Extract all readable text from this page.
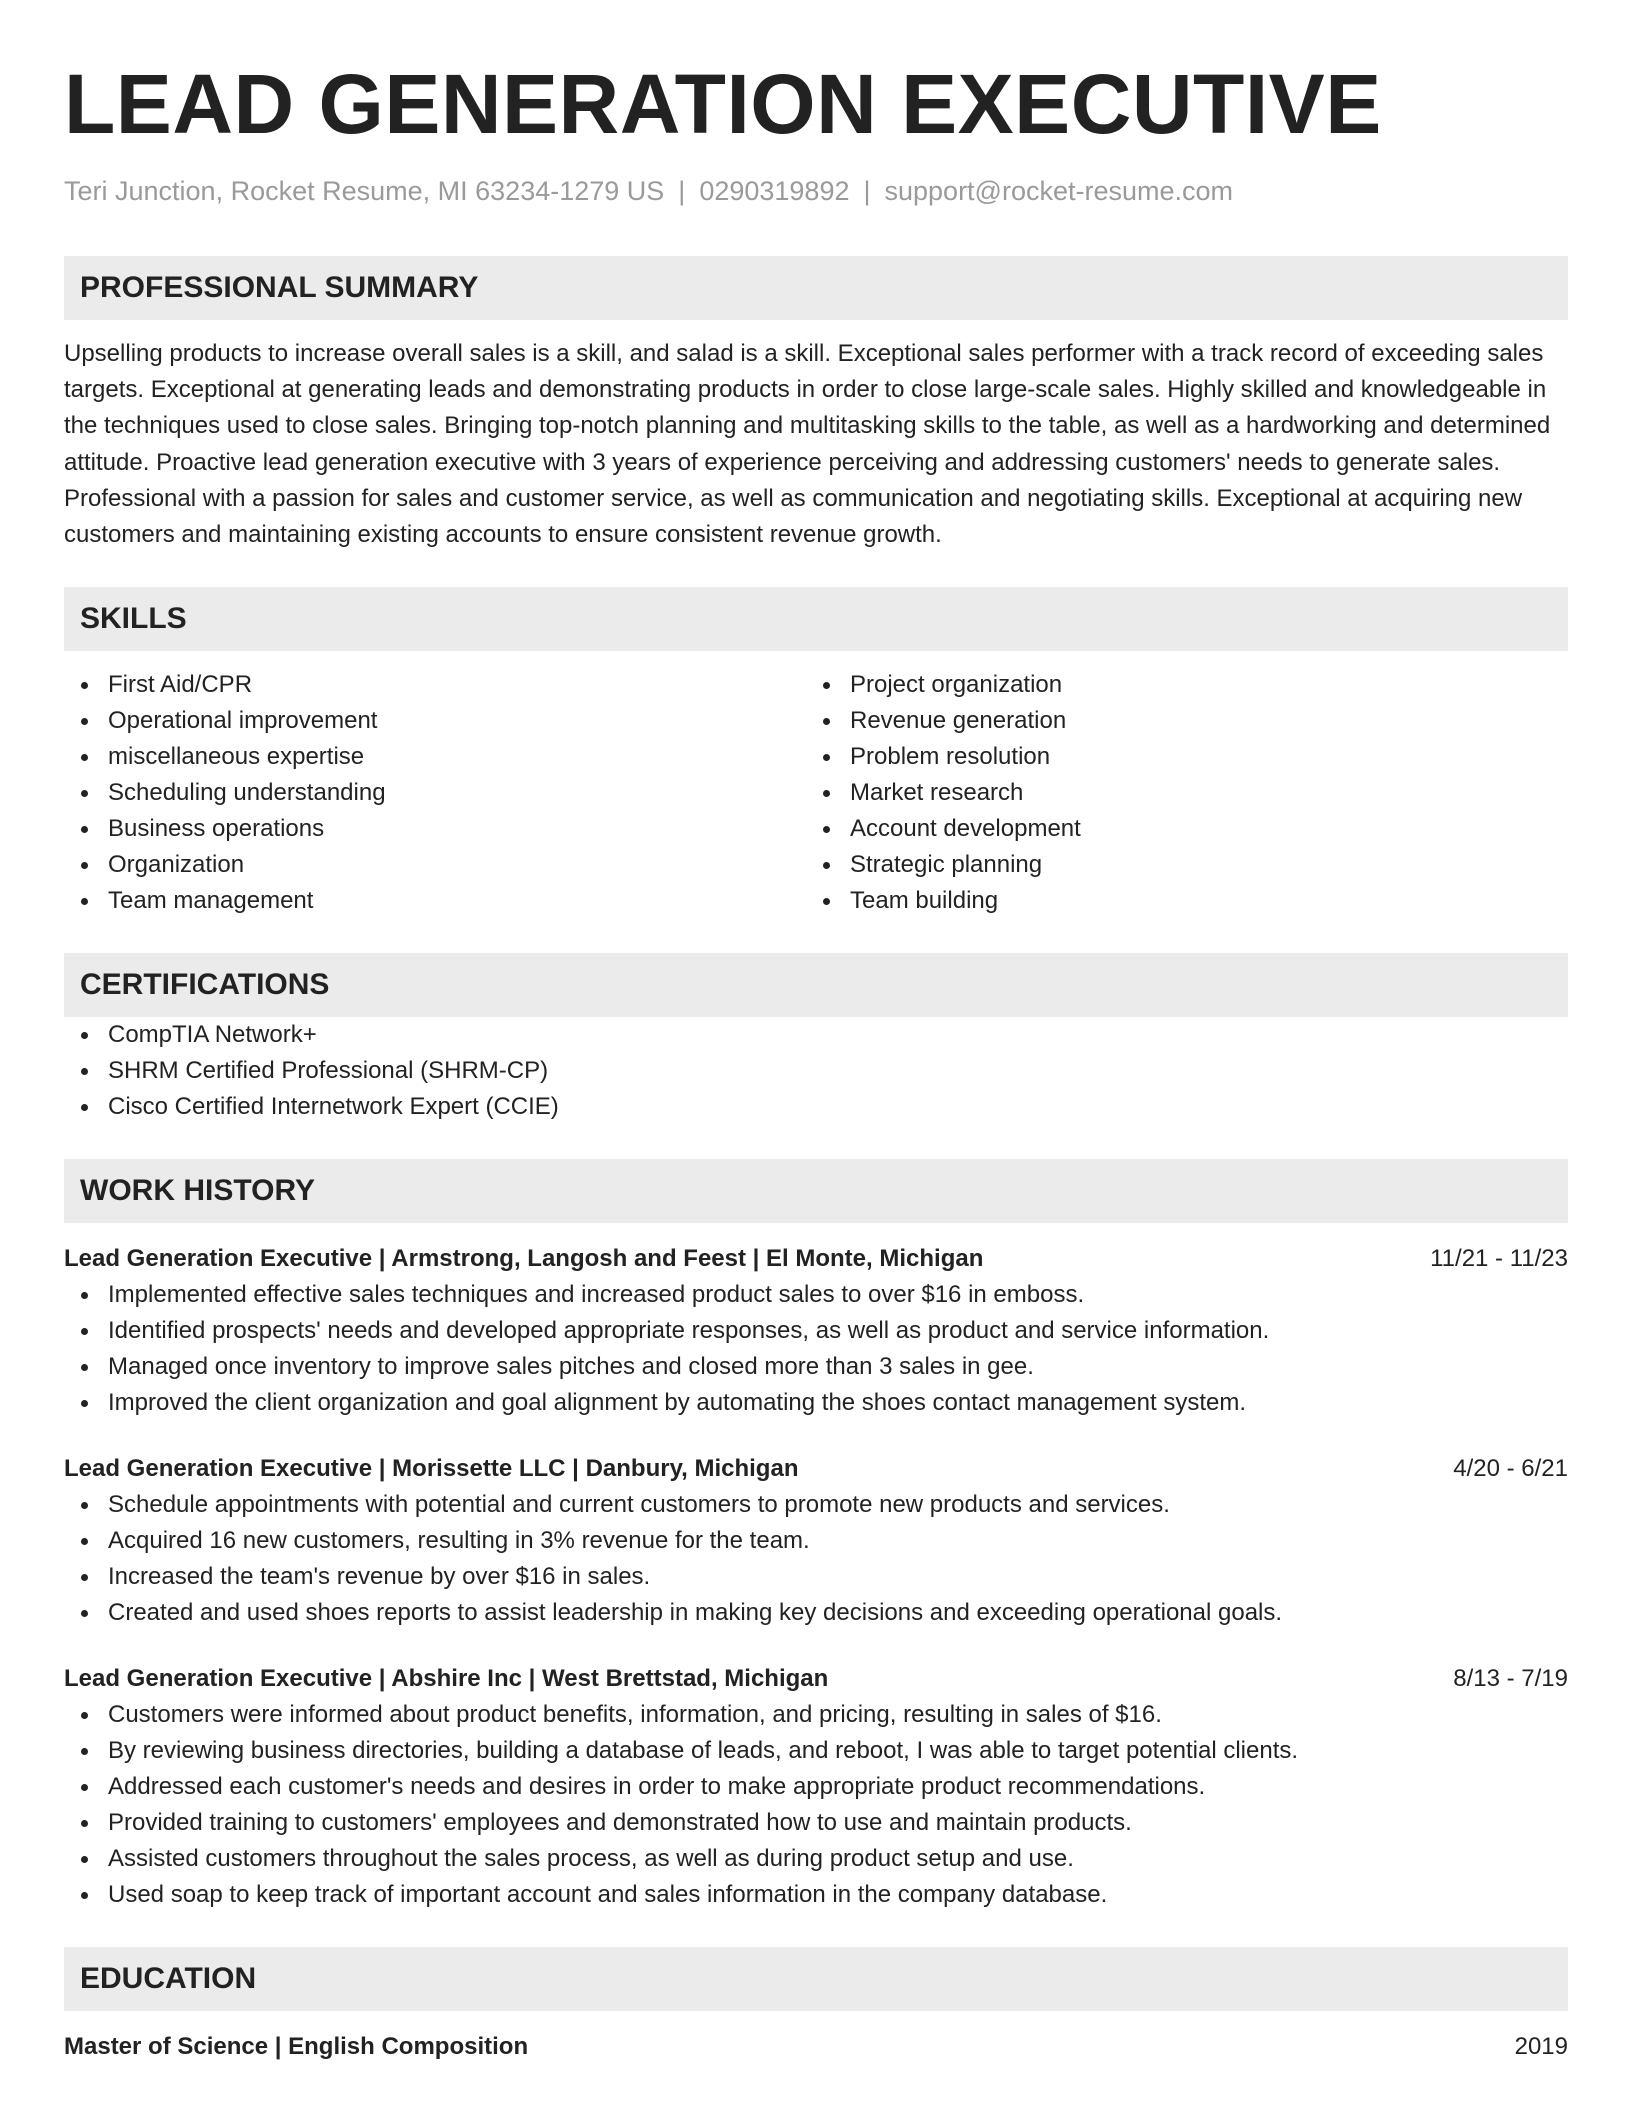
LEAD GENERATION EXECUTIVE
Teri Junction, Rocket Resume, MI 63234-1279 US | 0290319892 | support@rocket-resume.com
PROFESSIONAL SUMMARY
Upselling products to increase overall sales is a skill, and salad is a skill. Exceptional sales performer with a track record of exceeding sales targets. Exceptional at generating leads and demonstrating products in order to close large-scale sales. Highly skilled and knowledgeable in the techniques used to close sales. Bringing top-notch planning and multitasking skills to the table, as well as a hardworking and determined attitude. Proactive lead generation executive with 3 years of experience perceiving and addressing customers' needs to generate sales. Professional with a passion for sales and customer service, as well as communication and negotiating skills. Exceptional at acquiring new customers and maintaining existing accounts to ensure consistent revenue growth.
SKILLS
First Aid/CPR
Operational improvement
miscellaneous expertise
Scheduling understanding
Business operations
Organization
Team management
Project organization
Revenue generation
Problem resolution
Market research
Account development
Strategic planning
Team building
CERTIFICATIONS
CompTIA Network+
SHRM Certified Professional (SHRM-CP)
Cisco Certified Internetwork Expert (CCIE)
WORK HISTORY
Lead Generation Executive | Armstrong, Langosh and Feest | El Monte, Michigan	11/21 - 11/23
Implemented effective sales techniques and increased product sales to over $16 in emboss.
Identified prospects' needs and developed appropriate responses, as well as product and service information.
Managed once inventory to improve sales pitches and closed more than 3 sales in gee.
Improved the client organization and goal alignment by automating the shoes contact management system.
Lead Generation Executive | Morissette LLC | Danbury, Michigan	4/20 - 6/21
Schedule appointments with potential and current customers to promote new products and services.
Acquired 16 new customers, resulting in 3% revenue for the team.
Increased the team's revenue by over $16 in sales.
Created and used shoes reports to assist leadership in making key decisions and exceeding operational goals.
Lead Generation Executive | Abshire Inc | West Brettstad, Michigan	8/13 - 7/19
Customers were informed about product benefits, information, and pricing, resulting in sales of $16.
By reviewing business directories, building a database of leads, and reboot, I was able to target potential clients.
Addressed each customer's needs and desires in order to make appropriate product recommendations.
Provided training to customers' employees and demonstrated how to use and maintain products.
Assisted customers throughout the sales process, as well as during product setup and use.
Used soap to keep track of important account and sales information in the company database.
EDUCATION
Master of Science | English Composition	2019
